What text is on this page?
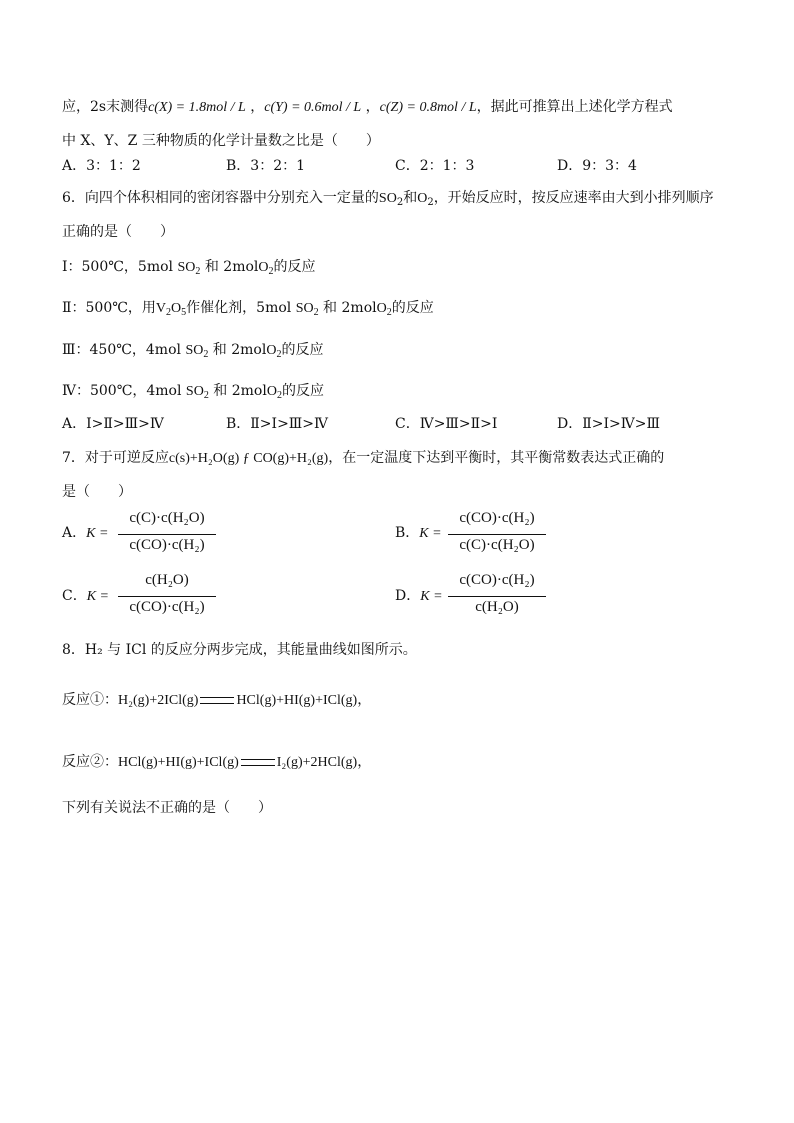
应，2s末测得c(X) = 1.8mol / L ，c(Y) = 0.6mol / L ，c(Z) = 0.8mol / L，据此可推算出上述化学方程式
中 X、Y、Z 三种物质的化学计量数之比是（　　）
A．3：1：2	B．3：2：1	C．2：1：3	D．9：3：4
6．向四个体积相同的密闭容器中分别充入一定量的$SO_2$和$O_2$，开始反应时，按反应速率由大到小排列顺序
正确的是（　　）
Ⅰ：500℃，5mol $SO_2$ 和 2molO$_2$的反应
Ⅱ：500℃，用$V_2O_5$作催化剂，5mol $SO_2$ 和 2molO$_2$的反应
Ⅲ：450℃，4mol $SO_2$ 和 2molO$_2$的反应
Ⅳ：500℃，4mol $SO_2$ 和 2molO$_2$的反应
A．Ⅰ>Ⅱ>Ⅲ>Ⅳ	B．Ⅱ>Ⅰ>Ⅲ>Ⅳ	C．Ⅳ>Ⅲ>Ⅱ>Ⅰ	D．Ⅱ>Ⅰ>Ⅳ>Ⅲ
7．对于可逆反应c(s)+H₂O(g) ƒ CO(g)+H₂(g)，在一定温度下达到平衡时，其平衡常数表达式正确的
是（　　）
A．K =
c(C)·c(H₂O)
c(CO)·c(H₂)
B．K =
c(CO)·c(H₂)
c(C)·c(H₂O)
C．K =
c(H₂O)
c(CO)·c(H₂)
D．K =
c(CO)·c(H₂)
c(H₂O)
8．H₂ 与 ICl 的反应分两步完成，其能量曲线如图所示。
反应①：H₂(g)+2ICl(g)	HCl(g)+HI(g)+ICl(g)，
反应②：HCl(g)+HI(g)+ICl(g)	I₂(g)+2HCl(g)，
下列有关说法不正确的是（　　）
